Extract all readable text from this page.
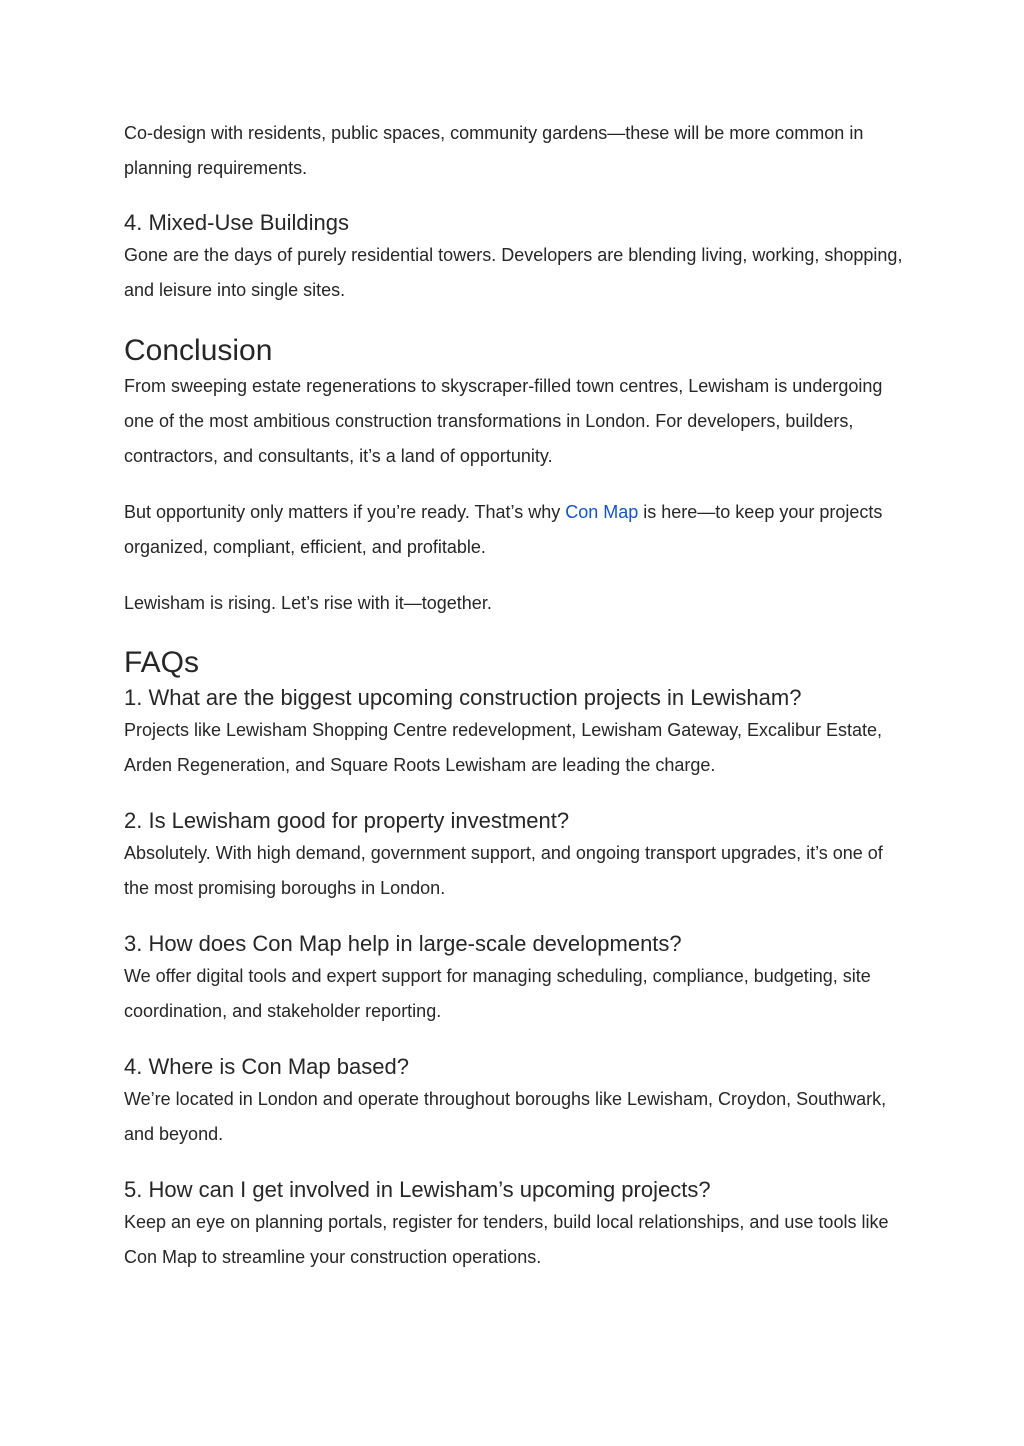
Co-design with residents, public spaces, community gardens—these will be more common in planning requirements.

4. Mixed-Use Buildings

Gone are the days of purely residential towers. Developers are blending living, working, shopping, and leisure into single sites.

Conclusion

From sweeping estate regenerations to skyscraper-filled town centres, Lewisham is undergoing one of the most ambitious construction transformations in London. For developers, builders, contractors, and consultants, it’s a land of opportunity.

But opportunity only matters if you’re ready. That’s why Con Map is here—to keep your projects organized, compliant, efficient, and profitable.

Lewisham is rising. Let’s rise with it—together.

FAQs
1. What are the biggest upcoming construction projects in Lewisham?

Projects like Lewisham Shopping Centre redevelopment, Lewisham Gateway, Excalibur Estate, Arden Regeneration, and Square Roots Lewisham are leading the charge.

2. Is Lewisham good for property investment?

Absolutely. With high demand, government support, and ongoing transport upgrades, it’s one of the most promising boroughs in London.

3. How does Con Map help in large-scale developments?

We offer digital tools and expert support for managing scheduling, compliance, budgeting, site coordination, and stakeholder reporting.

4. Where is Con Map based?

We’re located in London and operate throughout boroughs like Lewisham, Croydon, Southwark, and beyond.

5. How can I get involved in Lewisham’s upcoming projects?

Keep an eye on planning portals, register for tenders, build local relationships, and use tools like Con Map to streamline your construction operations.
